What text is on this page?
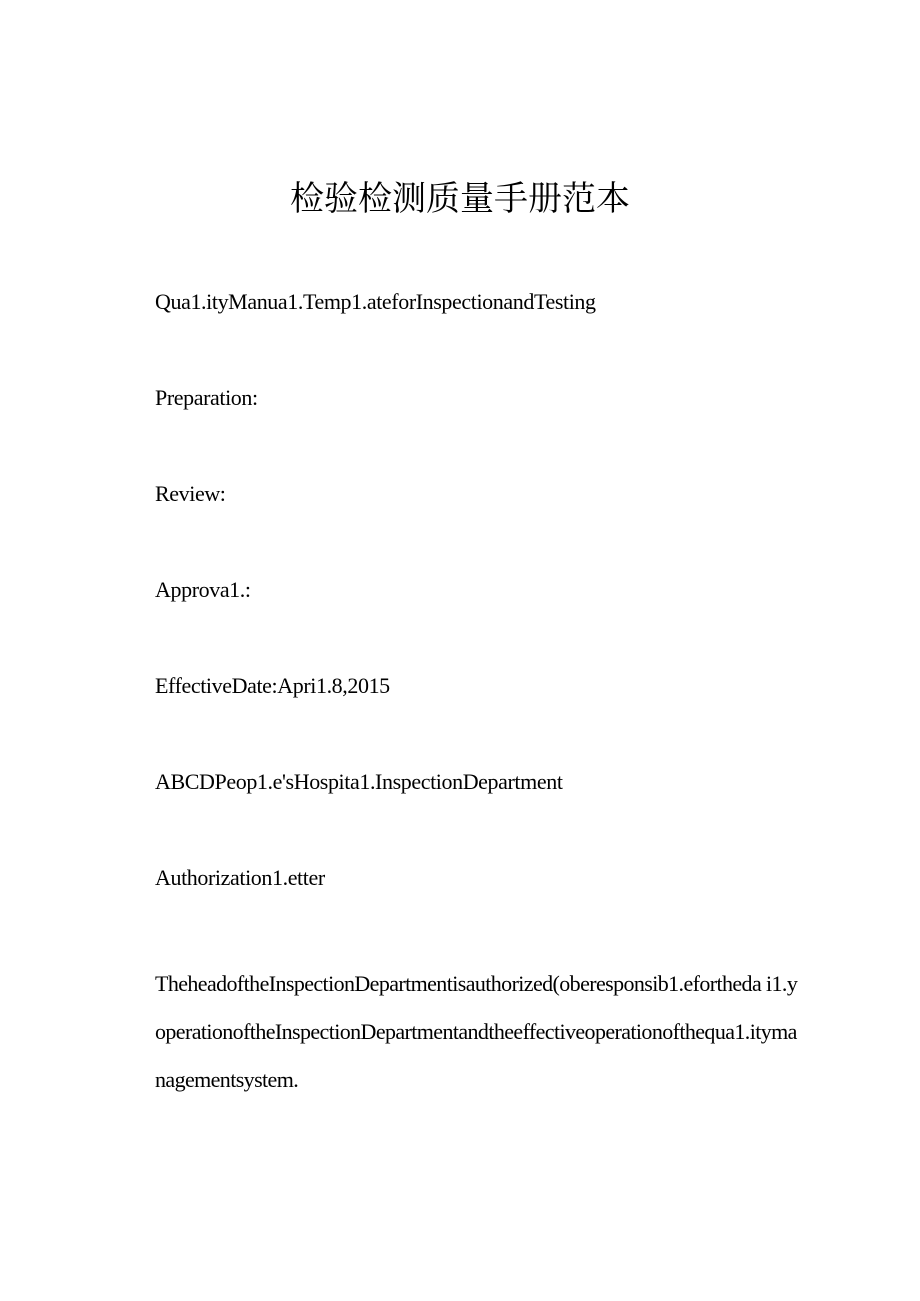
检验检测质量手册范本
Qua1.ityManua1.Temp1.ateforInspectionandTesting
Preparation:
Review:
Approva1.:
EffectiveDate:Apri1.8,2015
ABCDPeop1.e'sHospita1.InspectionDepartment
Authorization1.etter
TheheadoftheInspectionDepartmentisauthorized(oberesponsib1.efortheda i1.yoperationoftheInspectionDepartmentandtheeffectiveoperationofthequa1.itymanagementsystem.
